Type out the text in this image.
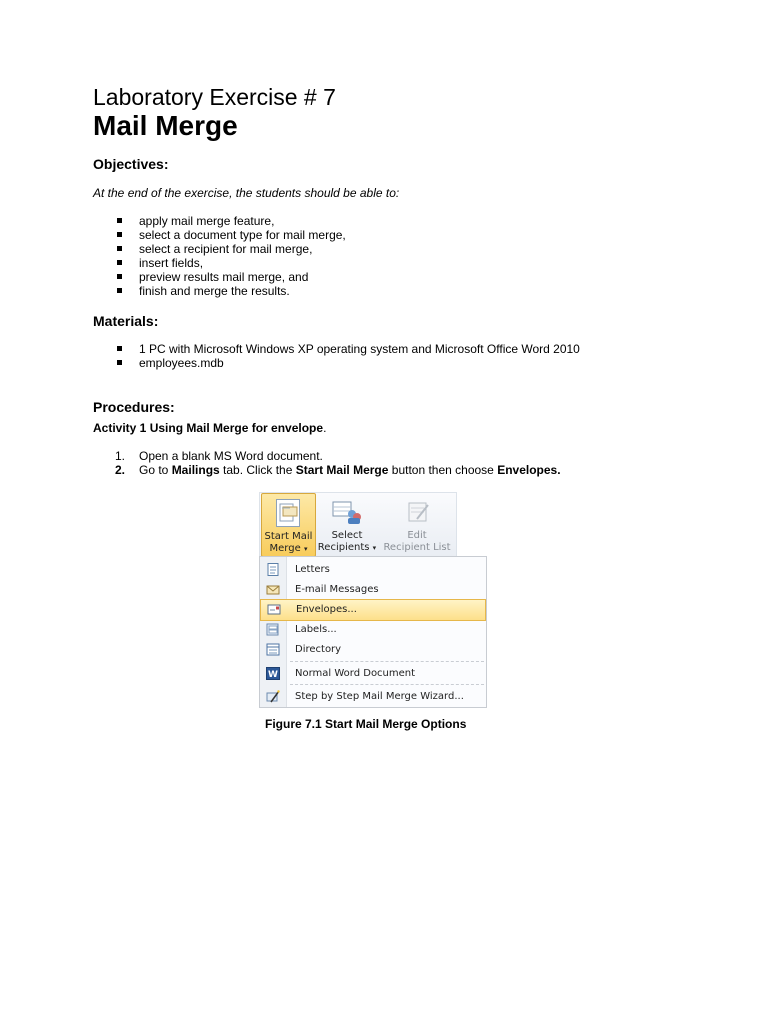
Laboratory Exercise # 7
Mail Merge
Objectives:
At the end of the exercise, the students should be able to:
apply mail merge feature,
select a document type for mail merge,
select a recipient for mail merge,
insert fields,
preview results mail merge, and
finish and merge the results.
Materials:
1 PC with Microsoft Windows XP operating system and Microsoft Office Word 2010
employees.mdb
Procedures:
Activity 1 Using Mail Merge for envelope.
1. Open a blank MS Word document.
2. Go to Mailings tab. Click the Start Mail Merge button then choose Envelopes.
Start Mail
Merge ▾
Select
Recipients ▾
Edit
Recipient List
Letters
E-mail Messages
Envelopes...
Labels...
Directory
W Normal Word Document
Step by Step Mail Merge Wizard...
Figure 7.1 Start Mail Merge Options
